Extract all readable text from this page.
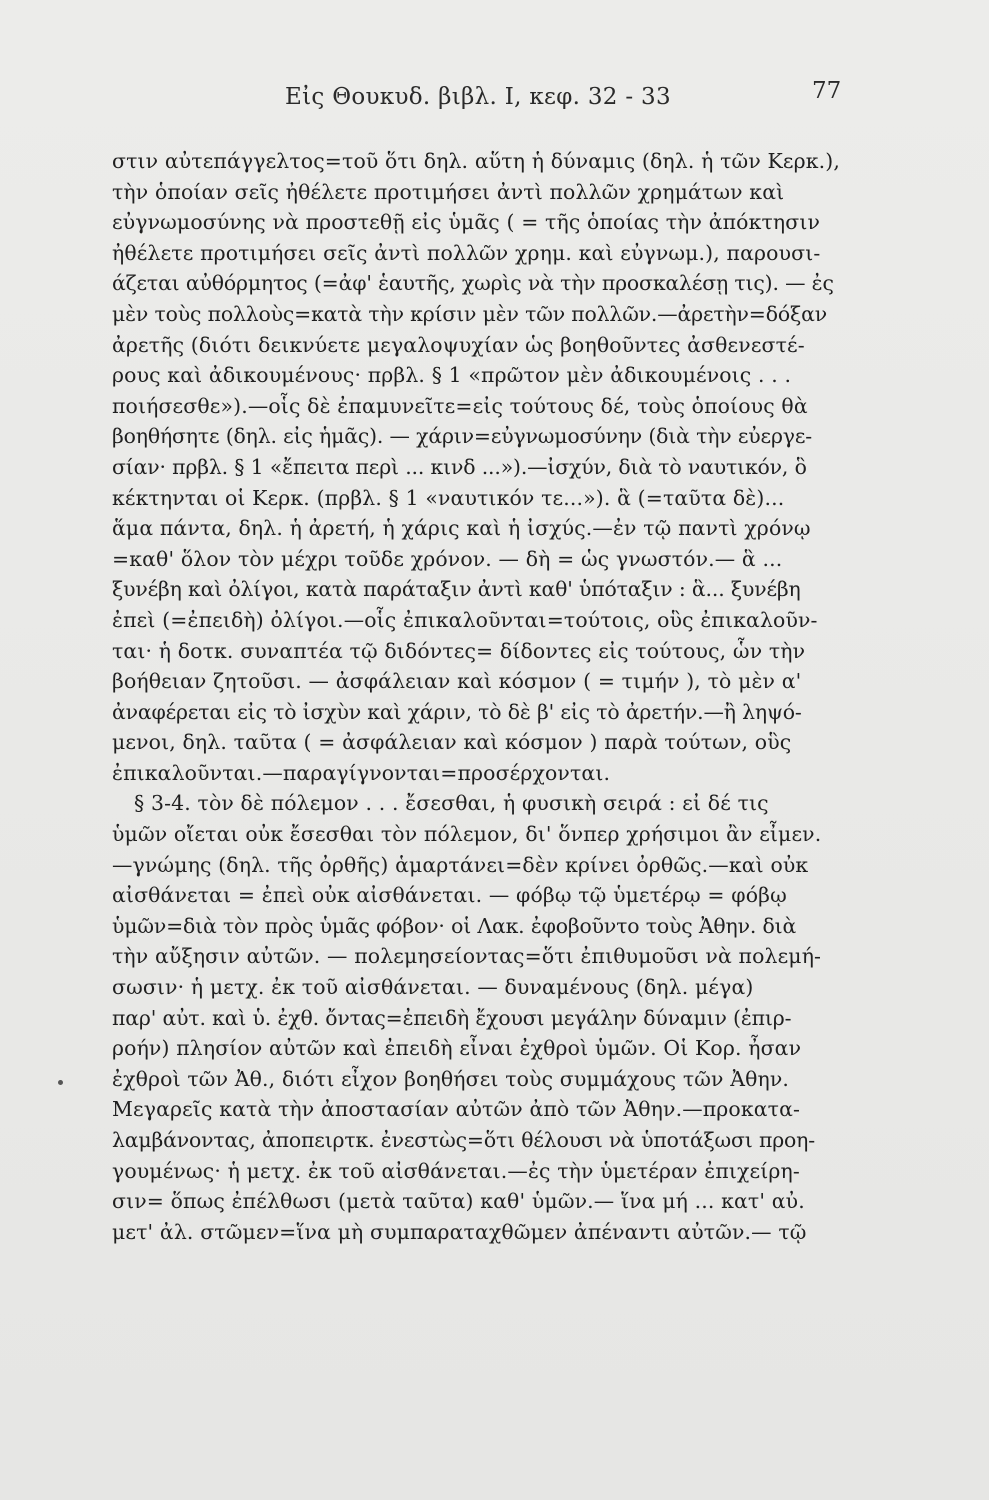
Εἰς Θουκυδ. βιβλ. Ι, κεφ. 32 - 33	77
στιν αὐτεπάγγελτος=τοῦ ὅτι δηλ. αὕτη ἡ δύναμις (δηλ. ἡ τῶν Κερκ.),
τὴν ὁποίαν σεῖς ἠθέλετε προτιμήσει ἀντὶ πολλῶν χρημάτων καὶ
εὐγνωμοσύνης νὰ προστεθῇ εἰς ὑμᾶς ( = τῆς ὁποίας τὴν ἀπόκτησιν
ἠθέλετε προτιμήσει σεῖς ἀντὶ πολλῶν χρημ. καὶ εὐγνωμ.), παρουσι-
άζεται αὐθόρμητος (=ἀφ' ἑαυτῆς, χωρὶς νὰ τὴν προσκαλέσῃ τις). — ἐς
μὲν τοὺς πολλοὺς=κατὰ τὴν κρίσιν μὲν τῶν πολλῶν.—ἀρετὴν=δόξαν
ἀρετῆς (διότι δεικνύετε μεγαλοψυχίαν ὡς βοηθοῦντες ἀσθενεστέ-
ρους καὶ ἀδικουμένους· πρβλ. § 1 «πρῶτον μὲν ἀδικουμένοις . . .
ποιήσεσθε»).—οἷς δὲ ἐπαμυνεῖτε=εἰς τούτους δέ, τοὺς ὁποίους θὰ
βοηθήσητε (δηλ. εἰς ἡμᾶς). — χάριν=εὐγνωμοσύνην (διὰ τὴν εὐεργε-
σίαν· πρβλ. § 1 «ἔπειτα περὶ ... κινδ ...»).—ἰσχύν, διὰ τὸ ναυτικόν, ὃ
κέκτηνται οἱ Κερκ. (πρβλ. § 1 «ναυτικόν τε...»). ἃ (=ταῦτα δὲ)...
ἅμα πάντα, δηλ. ἡ ἀρετή, ἡ χάρις καὶ ἡ ἰσχύς.—ἐν τῷ παντὶ χρόνῳ
=καθ' ὅλον τὸν μέχρι τοῦδε χρόνον. — δὴ = ὡς γνωστόν.— ἃ ...
ξυνέβη καὶ ὀλίγοι, κατὰ παράταξιν ἀντὶ καθ' ὑπόταξιν : ἃ... ξυνέβη
ἐπεὶ (=ἐπειδὴ) ὀλίγοι.—οἷς ἐπικαλοῦνται=τούτοις, οὓς ἐπικαλοῦν-
ται· ἡ δοτκ. συναπτέα τῷ διδόντες= δίδοντες εἰς τούτους, ὧν τὴν
βοήθειαν ζητοῦσι. — ἀσφάλειαν καὶ κόσμον ( = τιμήν ), τὸ μὲν α'
ἀναφέρεται εἰς τὸ ἰσχὺν καὶ χάριν, τὸ δὲ β' εἰς τὸ ἀρετήν.—ἢ ληψό-
μενοι, δηλ. ταῦτα ( = ἀσφάλειαν καὶ κόσμον ) παρὰ τούτων, οὓς
ἐπικαλοῦνται.—παραγίγνονται=προσέρχονται.
§ 3-4. τὸν δὲ πόλεμον . . . ἔσεσθαι, ἡ φυσικὴ σειρά : εἰ δέ τις
ὑμῶν οἴεται οὐκ ἔσεσθαι τὸν πόλεμον, δι' ὅνπερ χρήσιμοι ἂν εἶμεν.
—γνώμης (δηλ. τῆς ὀρθῆς) ἁμαρτάνει=δὲν κρίνει ὀρθῶς.—καὶ οὐκ
αἰσθάνεται = ἐπεὶ οὐκ αἰσθάνεται. — φόβῳ τῷ ὑμετέρῳ = φόβῳ
ὑμῶν=διὰ τὸν πρὸς ὑμᾶς φόβον· οἱ Λακ. ἐφοβοῦντο τοὺς Ἀθην. διὰ
τὴν αὔξησιν αὐτῶν. — πολεμησείοντας=ὅτι ἐπιθυμοῦσι νὰ πολεμή-
σωσιν· ἡ μετχ. ἐκ τοῦ αἰσθάνεται. — δυναμένους (δηλ. μέγα)
παρ' αὐτ. καὶ ὑ. ἐχθ. ὄντας=ἐπειδὴ ἔχουσι μεγάλην δύναμιν (ἐπιρ-
ροήν) πλησίον αὐτῶν καὶ ἐπειδὴ εἶναι ἐχθροὶ ὑμῶν. Οἱ Κορ. ἦσαν
ἐχθροὶ τῶν Ἀθ., διότι εἶχον βοηθήσει τοὺς συμμάχους τῶν Ἀθην.
Μεγαρεῖς κατὰ τὴν ἀποστασίαν αὐτῶν ἀπὸ τῶν Ἀθην.—προκατα-
λαμβάνοντας, ἀποπειρτκ. ἐνεστὼς=ὅτι θέλουσι νὰ ὑποτάξωσι προη-
γουμένως· ἡ μετχ. ἐκ τοῦ αἰσθάνεται.—ἐς τὴν ὑμετέραν ἐπιχείρη-
σιν= ὅπως ἐπέλθωσι (μετὰ ταῦτα) καθ' ὑμῶν.— ἵνα μή ... κατ' αὐ.
μετ' ἀλ. στῶμεν=ἵνα μὴ συμπαραταχθῶμεν ἀπέναντι αὐτῶν.— τῷ
